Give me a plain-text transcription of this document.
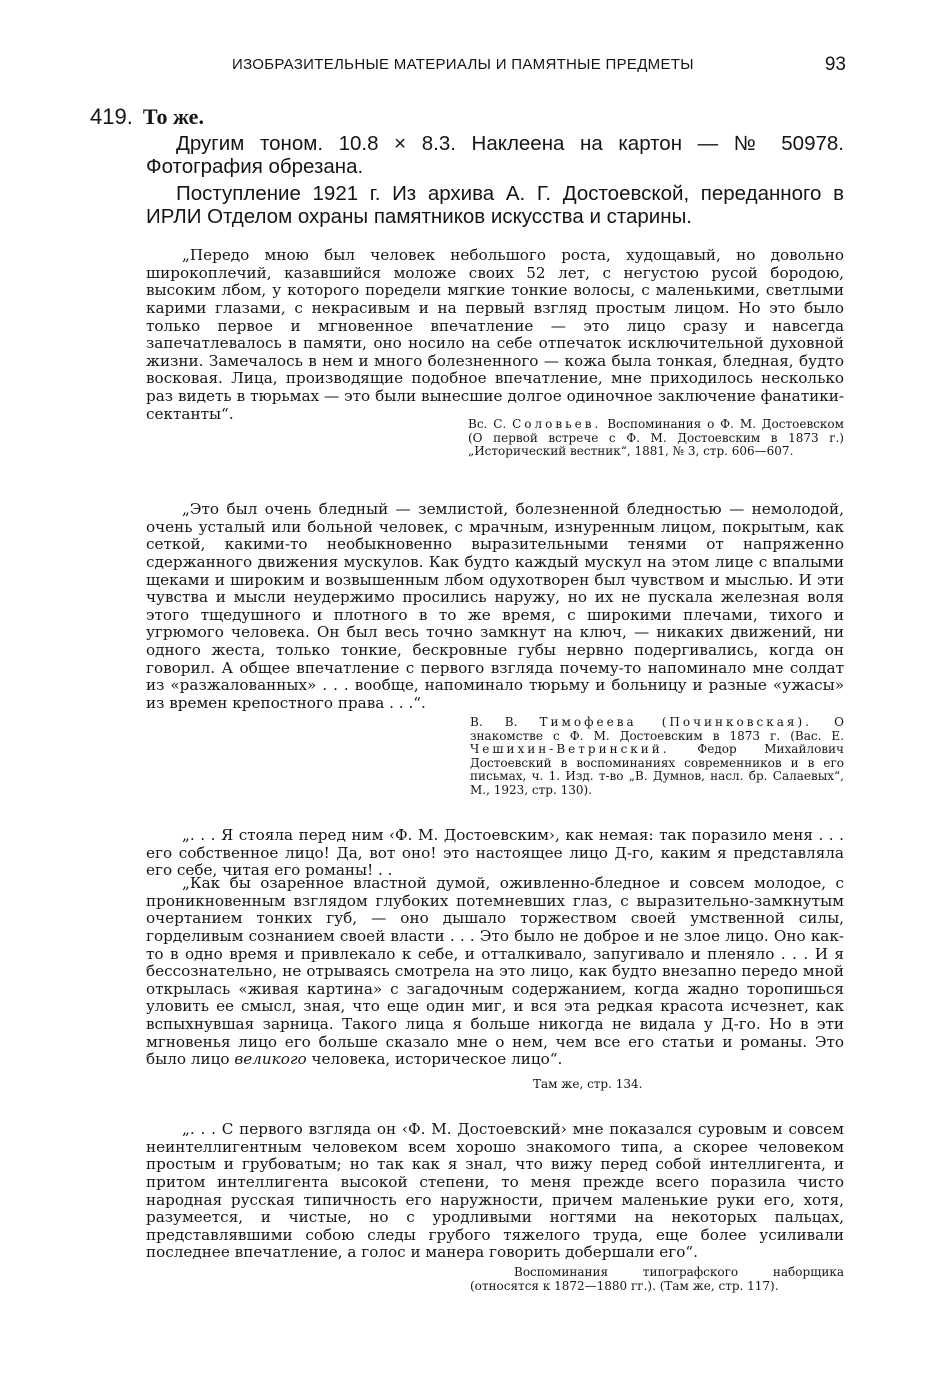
ИЗОБРАЗИТЕЛЬНЫЕ МАТЕРИАЛЫ И ПАМЯТНЫЕ ПРЕДМЕТЫ	93
419. То же.
Другим тоном. 10.8 × 8.3. Наклеена на картон — № 50978. Фотография обрезана.
Поступление 1921 г. Из архива А. Г. Достоевской, переданного в ИРЛИ Отделом охраны памятников искусства и старины.

„Передо мною был человек небольшого роста, худощавый, но довольно широкоплечий, казавшийся моложе своих 52 лет, с негустою русой бородою, высоким лбом, у которого поредели мягкие тонкие волосы, с маленькими, светлыми карими глазами, с некрасивым и на первый взгляд простым лицом. Но это было только первое и мгновенное впечатление — это лицо сразу и навсегда запечатлевалось в памяти, оно носило на себе отпечаток исключительной духовной жизни. Замечалось в нем и много болезненного — кожа была тонкая, бледная, будто восковая. Лица, производящие подобное впечатление, мне приходилось несколько раз видеть в тюрьмах — это были вынесшие долгое одиночное заключение фанатики-сектанты“.

Вс. С. Соловьев. Воспоминания о Ф. М. Достоевском (О первой встрече с Ф. М. Достоевским в 1873 г.) „Исторический вестник“, 1881, № 3, стр. 606—607.

„Это был очень бледный — землистой, болезненной бледностью — немолодой, очень усталый или больной человек, с мрачным, изнуренным лицом, покрытым, как сеткой, какими-то необыкновенно выразительными тенями от напряженно сдержанного движения мускулов. Как будто каждый мускул на этом лице с впалыми щеками и широким и возвышенным лбом одухотворен был чувством и мыслью. И эти чувства и мысли неудержимо просились наружу, но их не пускала железная воля этого тщедушного и плотного в то же время, с широкими плечами, тихого и угрюмого человека. Он был весь точно замкнут на ключ, — никаких движений, ни одного жеста, только тонкие, бескровные губы нервно подергивались, когда он говорил. А общее впечатление с первого взгляда почему-то напоминало мне солдат из «разжалованных» . . . вообще, напоминало тюрьму и больницу и разные «ужасы» из времен крепостного права . . .“.

В. В. Тимофеева (Починковская). О знакомстве с Ф. М. Достоевским в 1873 г. (Вас. Е. Чешихин-Ветринский. Федор Михайлович Достоевский в воспоминаниях современников и в его письмах, ч. 1. Изд. т-во „В. Думнов, насл. бр. Салаевых“, М., 1923, стр. 130).

„. . . Я стояла перед ним ‹Ф. М. Достоевским›, как немая: так поразило меня . . . его собственное лицо! Да, вот оно! это настоящее лицо Д-го, каким я представляла его себе, читая его романы! . .

„Как бы озаренное властной думой, оживленно-бледное и совсем молодое, с проникновенным взглядом глубоких потемневших глаз, с выразительно-замкнутым очертанием тонких губ, — оно дышало торжеством своей умственной силы, горделивым сознанием своей власти . . . Это было не доброе и не злое лицо. Оно как-то в одно время и привлекало к себе, и отталкивало, запугивало и пленяло . . . И я бессознательно, не отрываясь смотрела на это лицо, как будто внезапно передо мной открылась «живая картина» с загадочным содержанием, когда жадно торопишься уловить ее смысл, зная, что еще один миг, и вся эта редкая красота исчезнет, как вспыхнувшая зарница. Такого лица я больше никогда не видала у Д-го. Но в эти мгновенья лицо его больше сказало мне о нем, чем все его статьи и романы. Это было лицо великого человека, историческое лицо“.

Там же, стр. 134.

„. . . С первого взгляда он ‹Ф. М. Достоевский› мне показался суровым и совсем неинтеллигентным человеком всем хорошо знакомого типа, а скорее человеком простым и грубоватым; но так как я знал, что вижу перед собой интеллигента, и притом интеллигента высокой степени, то меня прежде всего поразила чисто народная русская типичность его наружности, причем маленькие руки его, хотя, разумеется, и чистые, но с уродливыми ногтями на некоторых пальцах, представлявшими собою следы грубого тяжелого труда, еще более усиливали последнее впечатление, а голос и манера говорить добершали его“.

Воспоминания типографского наборщика (относятся к 1872—1880 гг.). (Там же, стр. 117).
